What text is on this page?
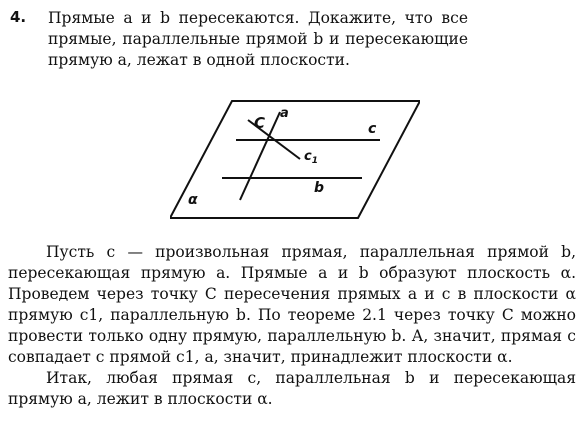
4. Прямые a и b пересекаются. Докажите, что все прямые, параллельные прямой b и пересекающие прямую a, лежат в одной плоскости.
C
a
c
$c_1$
b
α

Пусть c — произвольная прямая, параллельная прямой b, пересекающая прямую a. Прямые a и b образуют плоскость α. Проведем через точку C пересечения прямых a и c в плоскости α прямую c1, параллельную b. По теореме 2.1 через точку C можно провести только одну прямую, параллельную b. А, значит, прямая c совпадает с прямой c1, а, значит, принадлежит плоскости α.

Итак, любая прямая c, параллельная b и пересекающая прямую a, лежит в плоскости α.
